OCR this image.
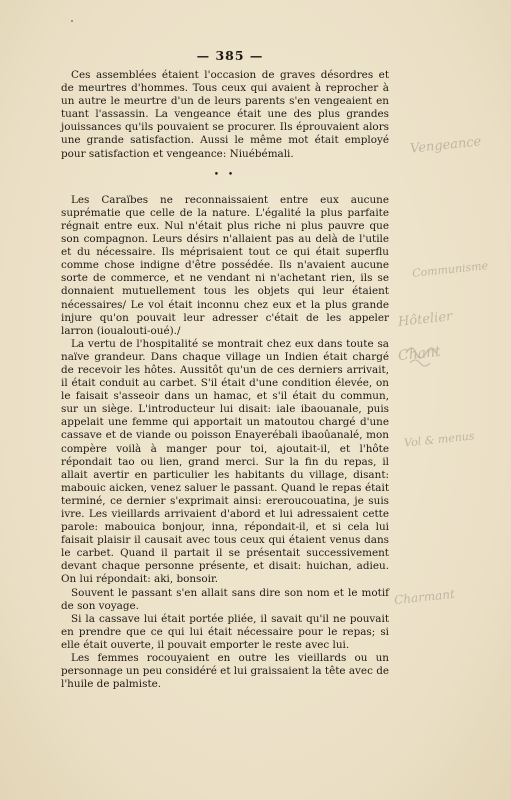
— 385 —

Ces assemblées étaient l'occasion de graves désordres et de meurtres d'hommes. Tous ceux qui avaient à reprocher à un autre le meurtre d'un de leurs parents s'en vengeaient en tuant l'assassin. La vengeance était une des plus grandes jouissances qu'ils pouvaient se procurer. Ils éprouvaient alors une grande satisfaction. Aussi le même mot était employé pour satisfaction et vengeance: Niuébémali.

• •

Les Caraïbes ne reconnaissaient entre eux aucune suprématie que celle de la nature. L'égalité la plus parfaite régnait entre eux. Nul n'était plus riche ni plus pauvre que son compagnon. Leurs désirs n'allaient pas au delà de l'utile et du nécessaire. Ils méprisaient tout ce qui était superflu comme chose indigne d'être possédée. Ils n'avaient aucune sorte de commerce, et ne vendant ni n'achetant rien, ils se donnaient mutuellement tous les objets qui leur étaient nécessaires/ Le vol était inconnu chez eux et la plus grande injure qu'on pouvait leur adresser c'était de les appeler larron (ioualouti-oué)./

La vertu de l'hospitalité se montrait chez eux dans toute sa naïve grandeur. Dans chaque village un Indien était chargé de recevoir les hôtes. Aussitôt qu'un de ces derniers arrivait, il était conduit au carbet. S'il était d'une condition élevée, on le faisait s'asseoir dans un hamac, et s'il était du commun, sur un siège. L'introducteur lui disait: iale ibaouanale, puis appelait une femme qui apportait un matoutou chargé d'une cassave et de viande ou poisson Enayerébali ibaoûanalé, mon compère voilà à manger pour toi, ajoutait-il, et l'hôte répondait tao ou lien, grand merci. Sur la fin du repas, il allait avertir en particulier les habitants du village, disant: mabouic aicken, venez saluer le passant. Quand le repas était terminé, ce dernier s'exprimait ainsi: ereroucouatina, je suis ivre. Les vieillards arrivaient d'abord et lui adressaient cette parole: mabouica bonjour, inna, répondait-il, et si cela lui faisait plaisir il causait avec tous ceux qui étaient venus dans le carbet. Quand il partait il se présentait successivement devant chaque personne présente, et disait: huichan, adieu. On lui répondait: aki, bonsoir.

Souvent le passant s'en allait sans dire son nom et le motif de son voyage.

Si la cassave lui était portée pliée, il savait qu'il ne pouvait en prendre que ce qui lui était nécessaire pour le repas; si elle était ouverte, il pouvait emporter le reste avec lui.

Les femmes rocouyaient en outre les vieillards ou un personnage un peu considéré et lui graissaient la tête avec de l'huile de palmiste.

Vengeance
Communisme
Hôtelier
Chant
Vol & menus
Charmant
